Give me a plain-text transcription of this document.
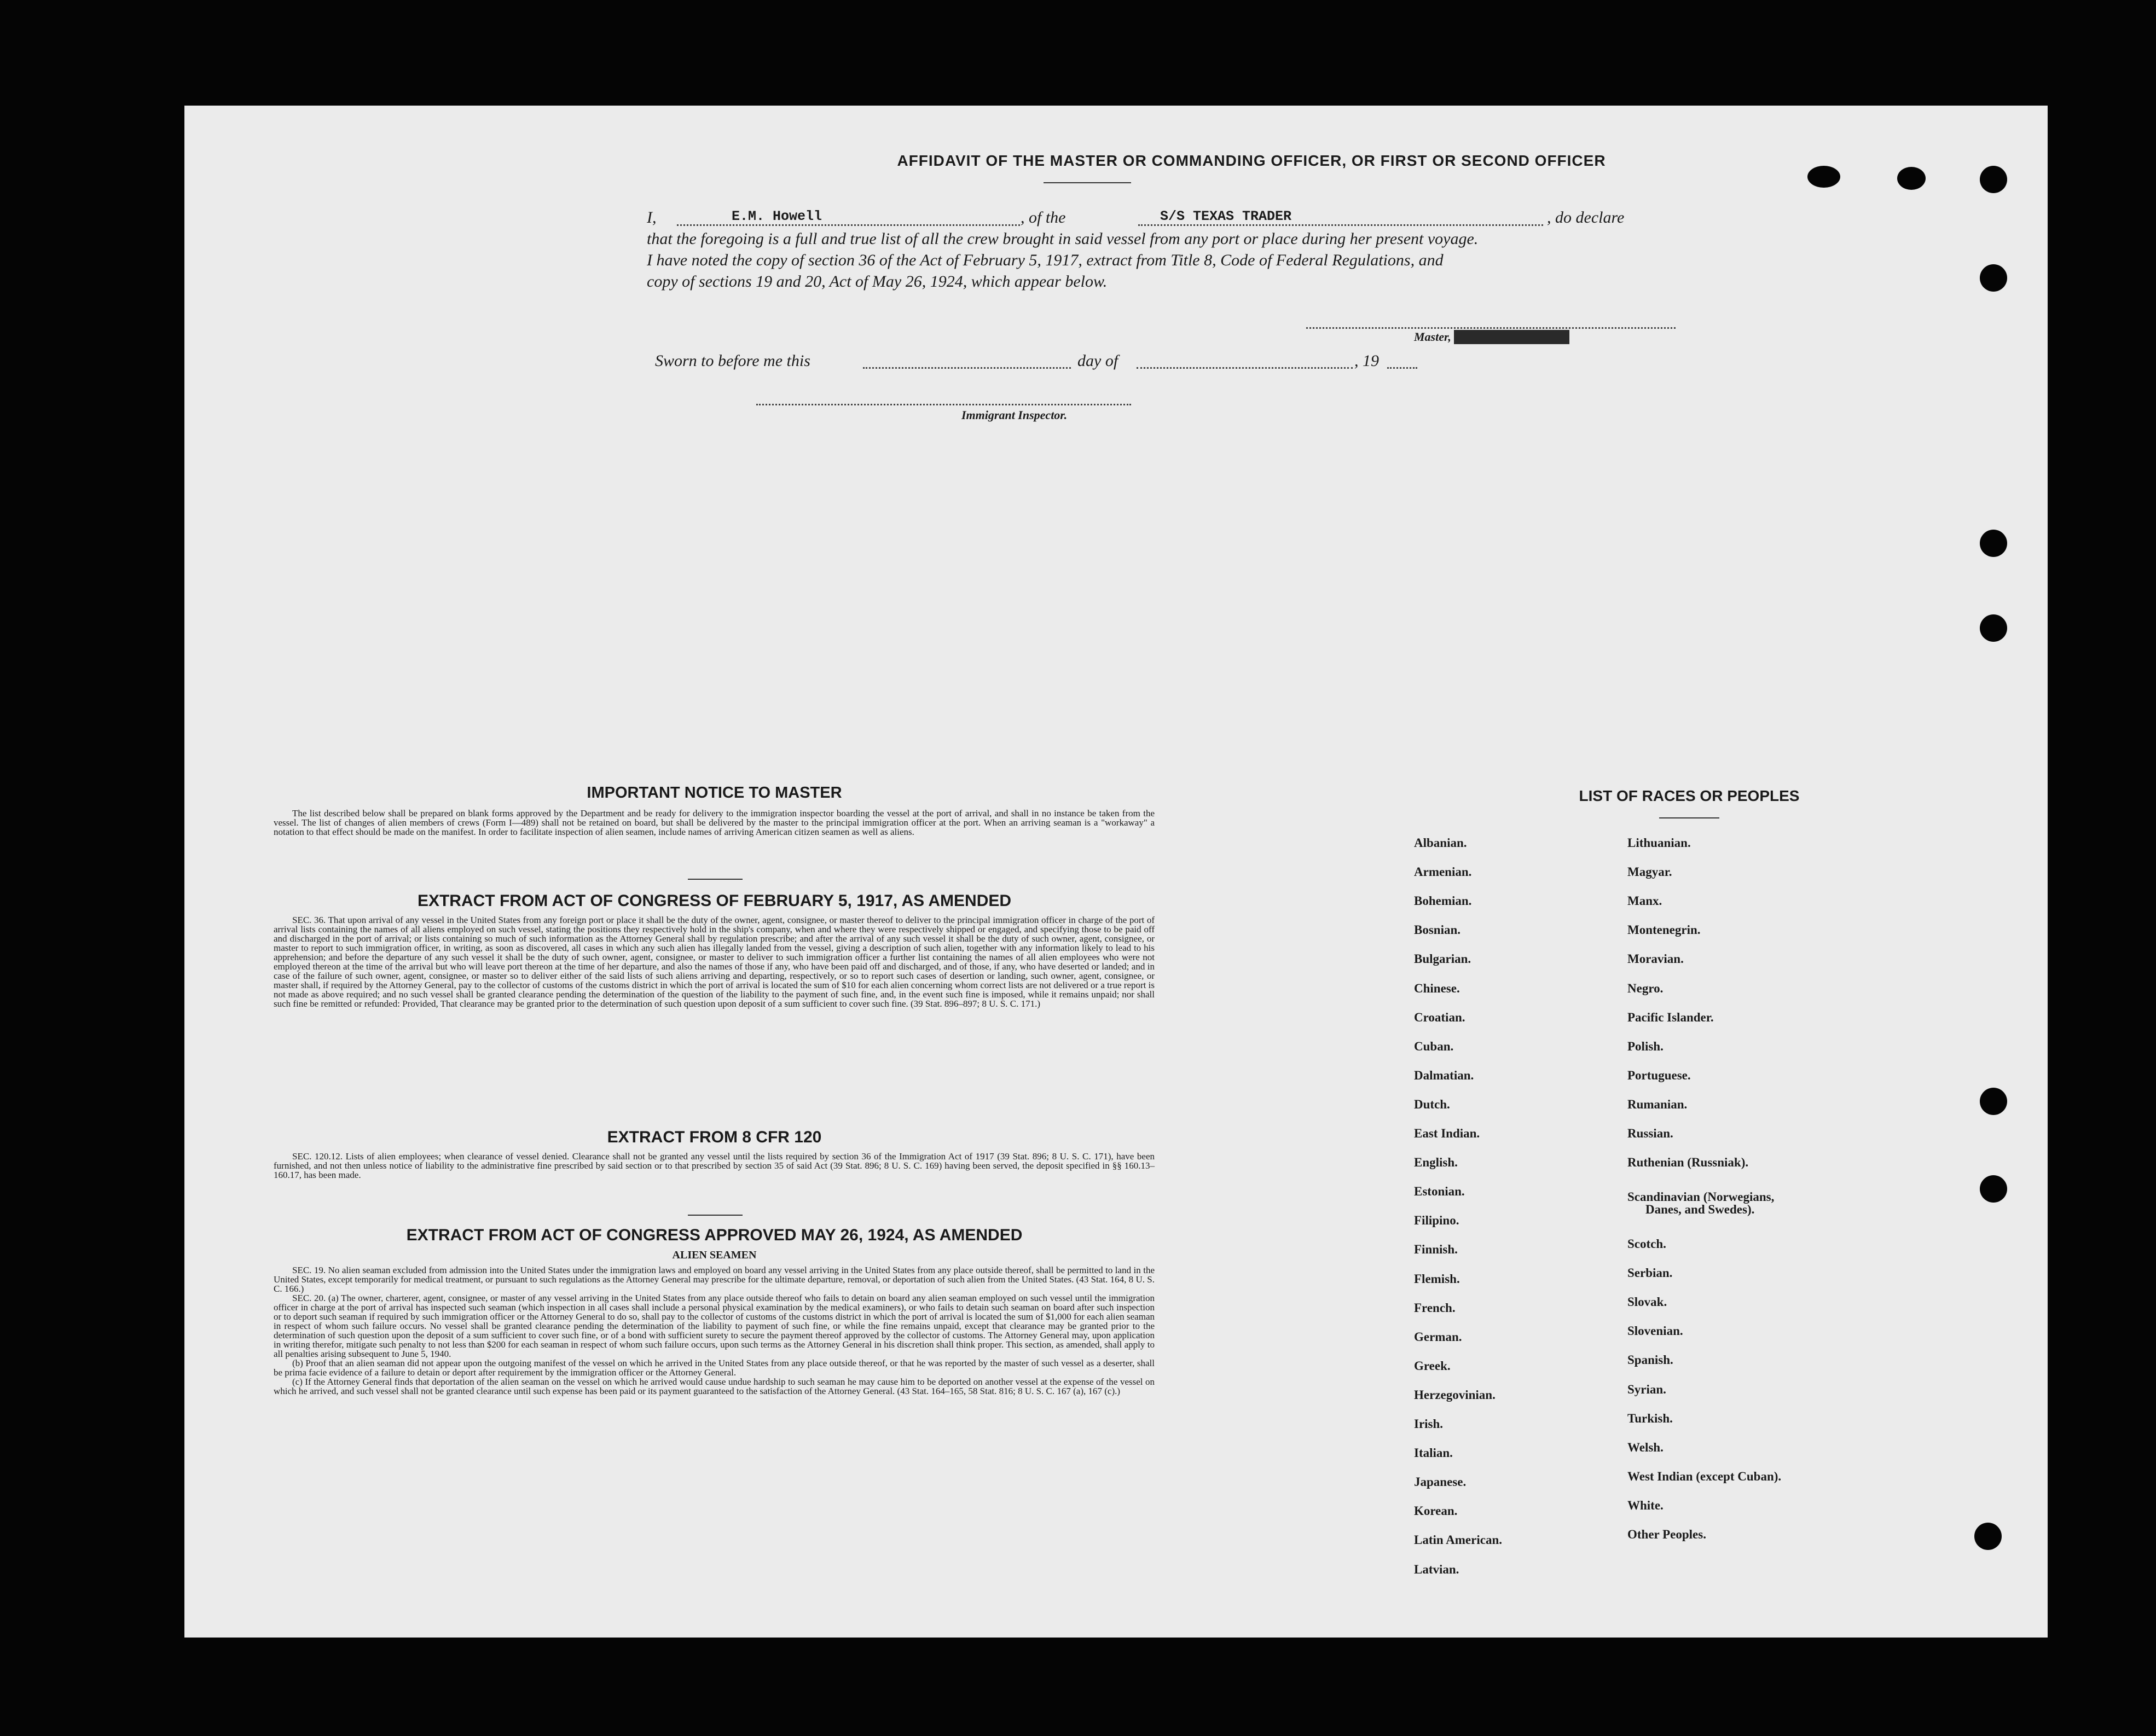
AFFIDAVIT OF THE MASTER OR COMMANDING OFFICER, OR FIRST OR SECOND OFFICER
I,	E.M. Howell	, of the	S/S TEXAS TRADER	, do declare
that the foregoing is a full and true list of all the crew brought in said vessel from any port or place during her present voyage.
I have noted the copy of section 36 of the Act of February 5, 1917, extract from Title 8, Code of Federal Regulations, and
copy of sections 19 and 20, Act of May 26, 1924, which appear below.
Master, First or Second Officer
Sworn to before me this	day of	, 19
Immigrant Inspector.
IMPORTANT NOTICE TO MASTER

The list described below shall be prepared on blank forms approved by the Department and be ready for delivery to the immigration inspector boarding the vessel at the port of arrival, and shall in no instance be taken from the vessel. The list of changes of alien members of crews (Form I—489) shall not be retained on board, but shall be delivered by the master to the principal immigration officer at the port. When an arriving seaman is a "workaway" a notation to that effect should be made on the manifest. In order to facilitate inspection of alien seamen, include names of arriving American citizen seamen as well as aliens.

EXTRACT FROM ACT OF CONGRESS OF FEBRUARY 5, 1917, AS AMENDED

SEC. 36. That upon arrival of any vessel in the United States from any foreign port or place it shall be the duty of the owner, agent, consignee, or master thereof to deliver to the principal immigration officer in charge of the port of arrival lists containing the names of all aliens employed on such vessel, stating the positions they respectively hold in the ship's company, when and where they were respectively shipped or engaged, and specifying those to be paid off and discharged in the port of arrival; or lists containing so much of such information as the Attorney General shall by regulation prescribe; and after the arrival of any such vessel it shall be the duty of such owner, agent, consignee, or master to report to such immigration officer, in writing, as soon as discovered, all cases in which any such alien has illegally landed from the vessel, giving a description of such alien, together with any information likely to lead to his apprehension; and before the departure of any such vessel it shall be the duty of such owner, agent, consignee, or master to deliver to such immigration officer a further list containing the names of all alien employees who were not employed thereon at the time of the arrival but who will leave port thereon at the time of her departure, and also the names of those if any, who have been paid off and discharged, and of those, if any, who have deserted or landed; and in case of the failure of such owner, agent, consignee, or master so to deliver either of the said lists of such aliens arriving and departing, respectively, or so to report such cases of desertion or landing, such owner, agent, consignee, or master shall, if required by the Attorney General, pay to the collector of customs of the customs district in which the port of arrival is located the sum of $10 for each alien concerning whom correct lists are not delivered or a true report is not made as above required; and no such vessel shall be granted clearance pending the determination of the question of the liability to the payment of such fine, and, in the event such fine is imposed, while it remains unpaid; nor shall such fine be remitted or refunded: Provided, That clearance may be granted prior to the determination of such question upon deposit of a sum sufficient to cover such fine. (39 Stat. 896–897; 8 U. S. C. 171.)

EXTRACT FROM 8 CFR 120

SEC. 120.12. Lists of alien employees; when clearance of vessel denied. Clearance shall not be granted any vessel until the lists required by section 36 of the Immigration Act of 1917 (39 Stat. 896; 8 U. S. C. 171), have been furnished, and not then unless notice of liability to the administrative fine prescribed by said section or to that prescribed by section 35 of said Act (39 Stat. 896; 8 U. S. C. 169) having been served, the deposit specified in §§ 160.13–160.17, has been made.

EXTRACT FROM ACT OF CONGRESS APPROVED MAY 26, 1924, AS AMENDED
ALIEN SEAMEN

SEC. 19. No alien seaman excluded from admission into the United States under the immigration laws and employed on board any vessel arriving in the United States from any place outside thereof, shall be permitted to land in the United States, except temporarily for medical treatment, or pursuant to such regulations as the Attorney General may prescribe for the ultimate departure, removal, or deportation of such alien from the United States. (43 Stat. 164, 8 U. S. C. 166.)

SEC. 20. (a) The owner, charterer, agent, consignee, or master of any vessel arriving in the United States from any place outside thereof who fails to detain on board any alien seaman employed on such vessel until the immigration officer in charge at the port of arrival has inspected such seaman (which inspection in all cases shall include a personal physical examination by the medical examiners), or who fails to detain such seaman on board after such inspection or to deport such seaman if required by such immigration officer or the Attorney General to do so, shall pay to the collector of customs of the customs district in which the port of arrival is located the sum of $1,000 for each alien seaman in respect of whom such failure occurs. No vessel shall be granted clearance pending the determination of the liability to payment of such fine, or while the fine remains unpaid, except that clearance may be granted prior to the determination of such question upon the deposit of a sum sufficient to cover such fine, or of a bond with sufficient surety to secure the payment thereof approved by the collector of customs. The Attorney General may, upon application in writing therefor, mitigate such penalty to not less than $200 for each seaman in respect of whom such failure occurs, upon such terms as the Attorney General in his discretion shall think proper. This section, as amended, shall apply to all penalties arising subsequent to June 5, 1940.

(b) Proof that an alien seaman did not appear upon the outgoing manifest of the vessel on which he arrived in the United States from any place outside thereof, or that he was reported by the master of such vessel as a deserter, shall be prima facie evidence of a failure to detain or deport after requirement by the immigration officer or the Attorney General.

(c) If the Attorney General finds that deportation of the alien seaman on the vessel on which he arrived would cause undue hardship to such seaman he may cause him to be deported on another vessel at the expense of the vessel on which he arrived, and such vessel shall not be granted clearance until such expense has been paid or its payment guaranteed to the satisfaction of the Attorney General. (43 Stat. 164–165, 58 Stat. 816; 8 U. S. C. 167 (a), 167 (c).)

LIST OF RACES OR PEOPLES
Albanian.
Armenian.
Bohemian.
Bosnian.
Bulgarian.
Chinese.
Croatian.
Cuban.
Dalmatian.
Dutch.
East Indian.
English.
Estonian.
Filipino.
Finnish.
Flemish.
French.
German.
Greek.
Herzegovinian.
Irish.
Italian.
Japanese.
Korean.
Latin American.
Latvian.
Lithuanian.
Magyar.
Manx.
Montenegrin.
Moravian.
Negro.
Pacific Islander.
Polish.
Portuguese.
Rumanian.
Russian.
Ruthenian (Russniak).
Scandinavian (Norwegians,
Danes, and Swedes).
Scotch.
Serbian.
Slovak.
Slovenian.
Spanish.
Syrian.
Turkish.
Welsh.
West Indian (except Cuban).
White.
Other Peoples.
